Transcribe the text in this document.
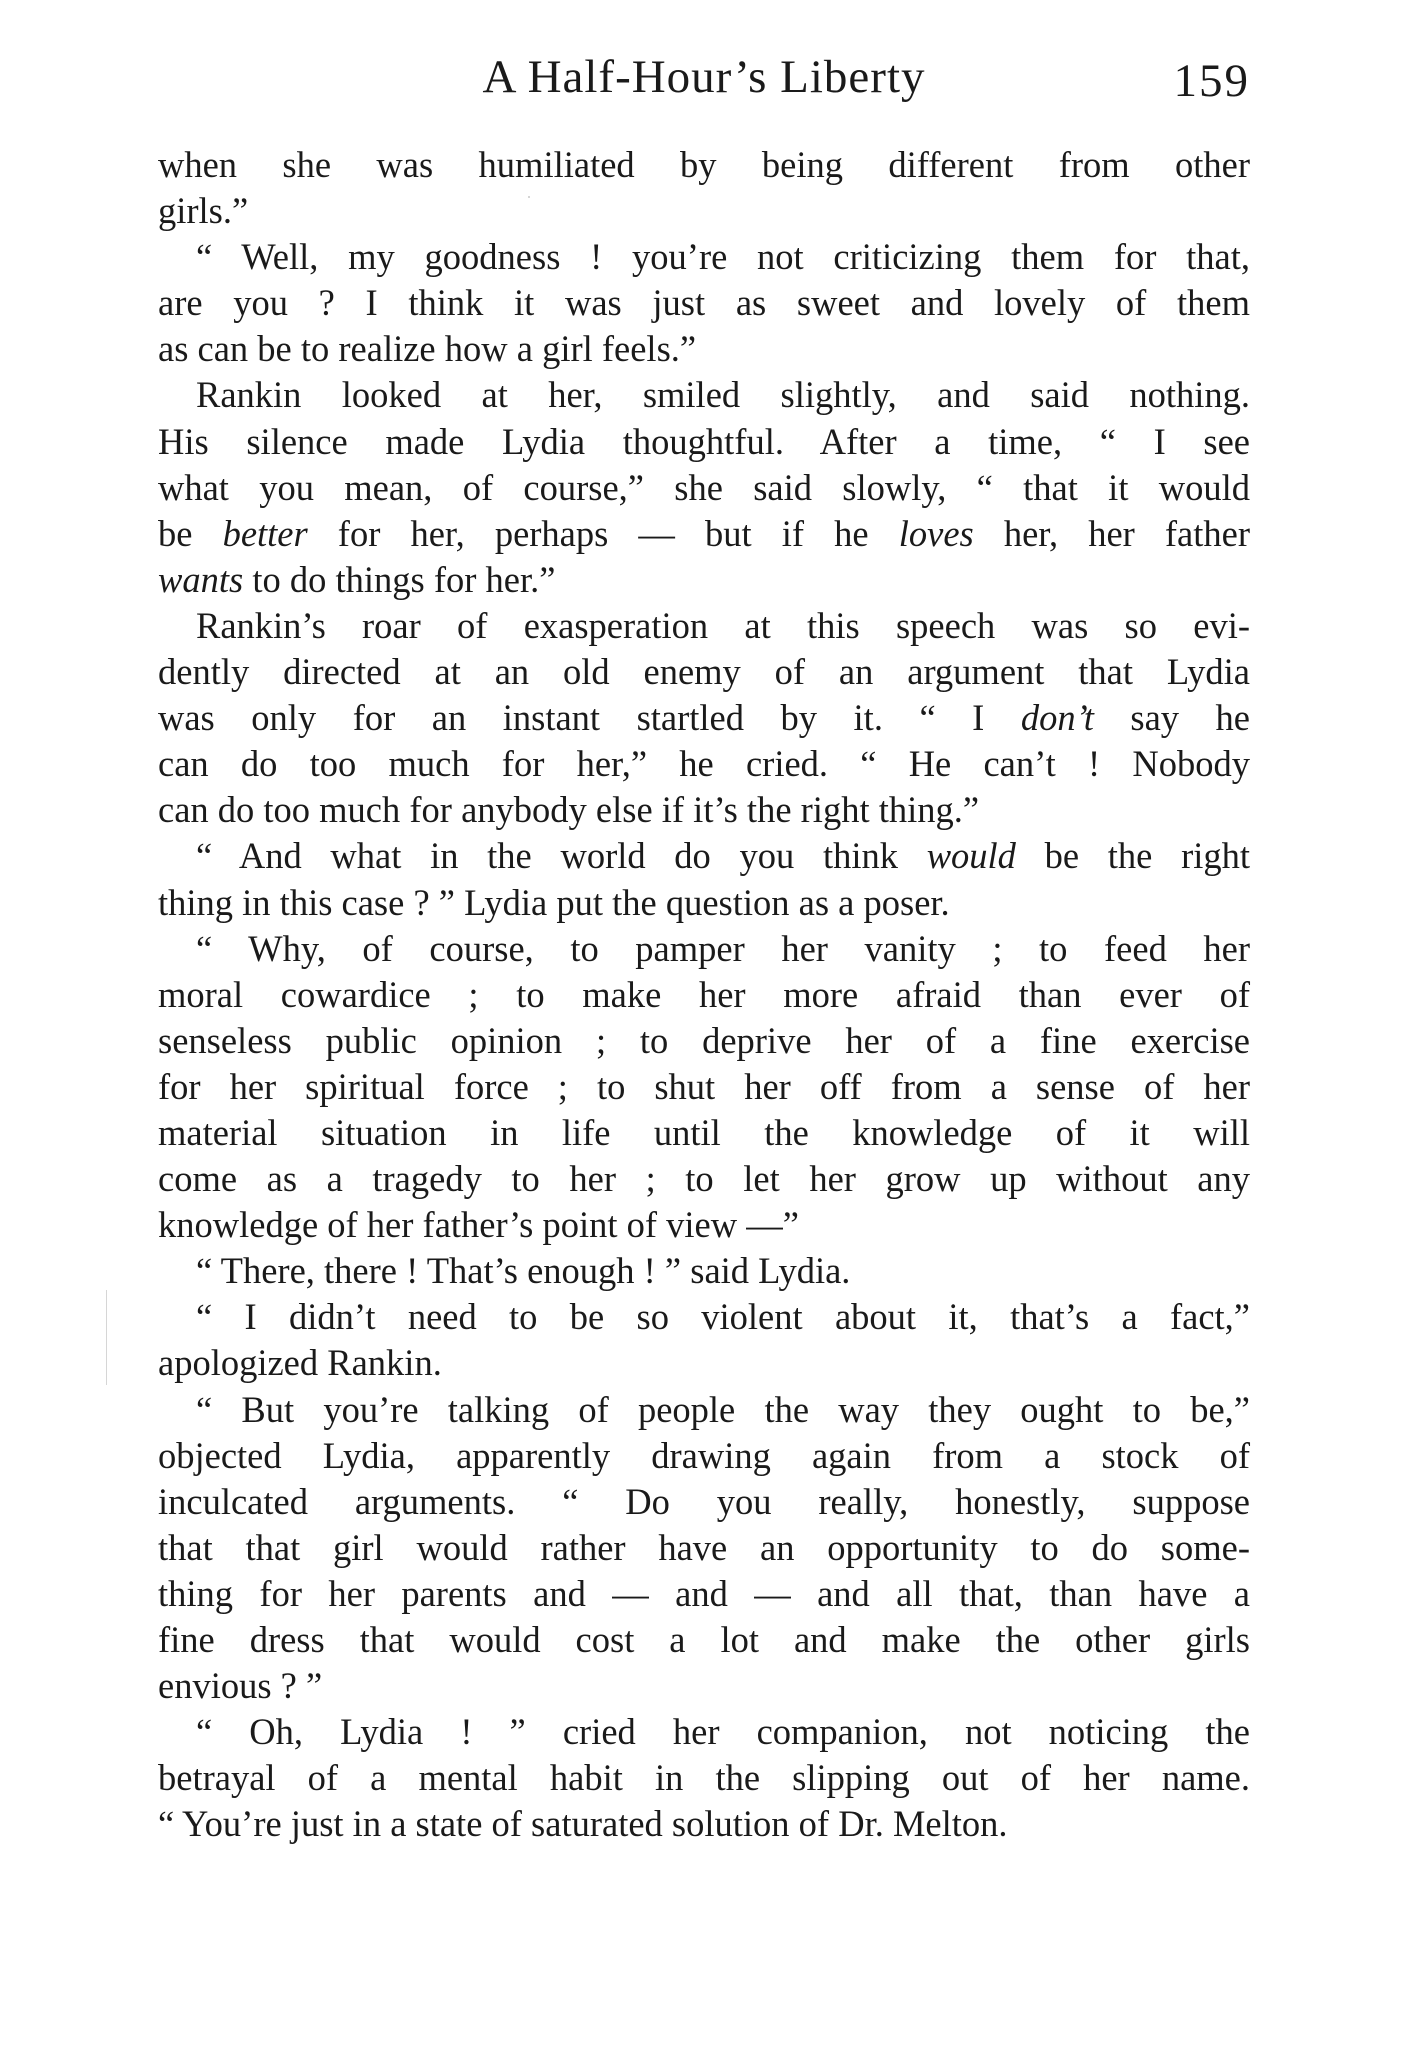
A Half-Hour’s Liberty	159
when she was humiliated by being different from other
girls.”
“ Well, my goodness ! you’re not criticizing them for that,
are you ? I think it was just as sweet and lovely of them
as can be to realize how a girl feels.”
Rankin looked at her, smiled slightly, and said nothing.
His silence made Lydia thoughtful. After a time, “ I see
what you mean, of course,” she said slowly, “ that it would
be better for her, perhaps — but if he loves her, her father
wants to do things for her.”
Rankin’s roar of exasperation at this speech was so evi-
dently directed at an old enemy of an argument that Lydia
was only for an instant startled by it. “ I don’t say he
can do too much for her,” he cried. “ He can’t ! Nobody
can do too much for anybody else if it’s the right thing.”
“ And what in the world do you think would be the right
thing in this case ? ” Lydia put the question as a poser.
“ Why, of course, to pamper her vanity ; to feed her
moral cowardice ; to make her more afraid than ever of
senseless public opinion ; to deprive her of a fine exercise
for her spiritual force ; to shut her off from a sense of her
material situation in life until the knowledge of it will
come as a tragedy to her ; to let her grow up without any
knowledge of her father’s point of view —”
“ There, there ! That’s enough ! ” said Lydia.
“ I didn’t need to be so violent about it, that’s a fact,”
apologized Rankin.
“ But you’re talking of people the way they ought to be,”
objected Lydia, apparently drawing again from a stock of
inculcated arguments. “ Do you really, honestly, suppose
that that girl would rather have an opportunity to do some-
thing for her parents and — and — and all that, than have a
fine dress that would cost a lot and make the other girls
envious ? ”
“ Oh, Lydia ! ” cried her companion, not noticing the
betrayal of a mental habit in the slipping out of her name.
“ You’re just in a state of saturated solution of Dr. Melton.
